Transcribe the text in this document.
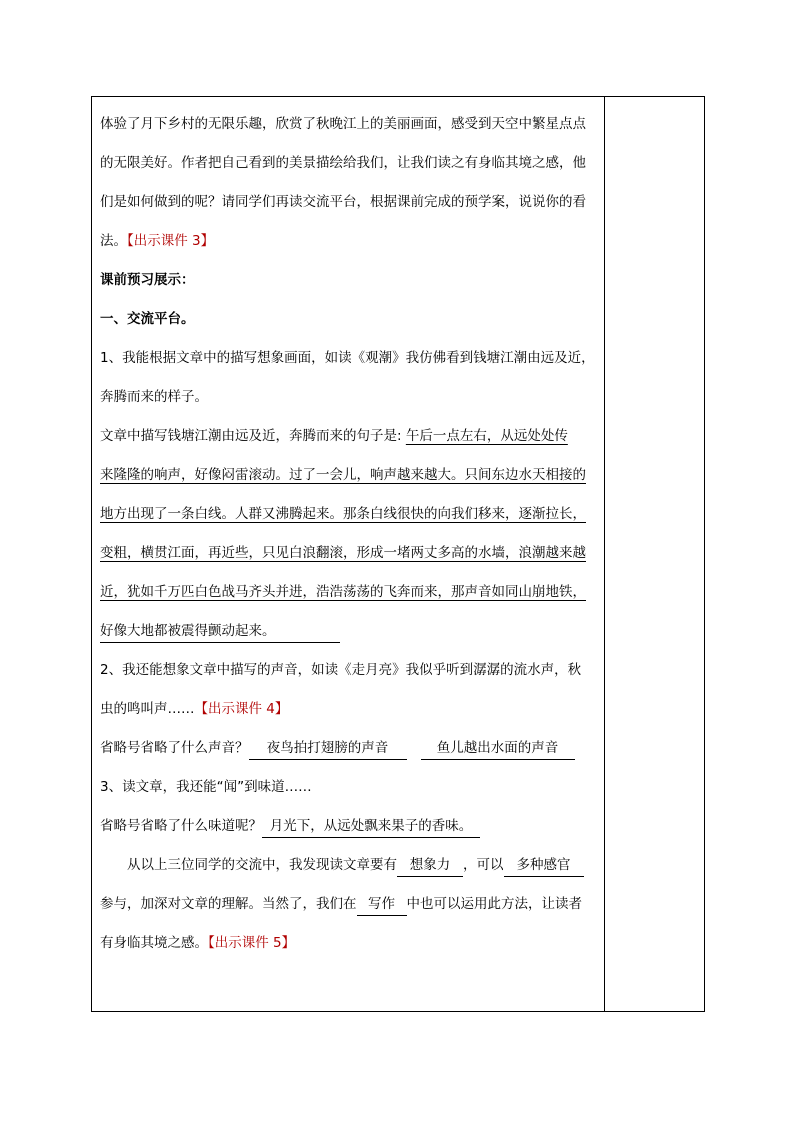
体验了月下乡村的无限乐趣，欣赏了秋晚江上的美丽画面，感受到天空中繁星点点
的无限美好。作者把自己看到的美景描绘给我们，让我们读之有身临其境之感，他
们是如何做到的呢？请同学们再读交流平台，根据课前完成的预学案，说说你的看
法。【出示课件 3】
课前预习展示：
一、交流平台。
1、我能根据文章中的描写想象画面，如读《观潮》我仿佛看到钱塘江潮由远及近，
奔腾而来的样子。
文章中描写钱塘江潮由远及近，奔腾而来的句子是: 午后一点左右，从远处处传
来隆隆的响声，好像闷雷滚动。过了一会儿，响声越来越大。只间东边水天相接的
地方出现了一条白线。人群又沸腾起来。那条白线很快的向我们移来，逐渐拉长，
变粗，横贯江面，再近些，只见白浪翻滚，形成一堵两丈多高的水墙，浪潮越来越
近，犹如千万匹白色战马齐头并进，浩浩荡荡的飞奔而来，那声音如同山崩地铁，
好像大地都被震得颤动起来。
2、我还能想象文章中描写的声音，如读《走月亮》我似乎听到潺潺的流水声，秋
虫的鸣叫声……【出示课件 4】
省略号省略了什么声音？ 夜鸟拍打翅膀的声音	鱼儿越出水面的声音
3、读文章，我还能“闻”到味道……
省略号省略了什么味道呢？ 月光下，从远处飘来果子的香味。
从以上三位同学的交流中，我发现读文章要有 想象力 ，可以 多种感官
参与，加深对文章的理解。当然了，我们在 写作 中也可以运用此方法，让读者
有身临其境之感。【出示课件 5】
